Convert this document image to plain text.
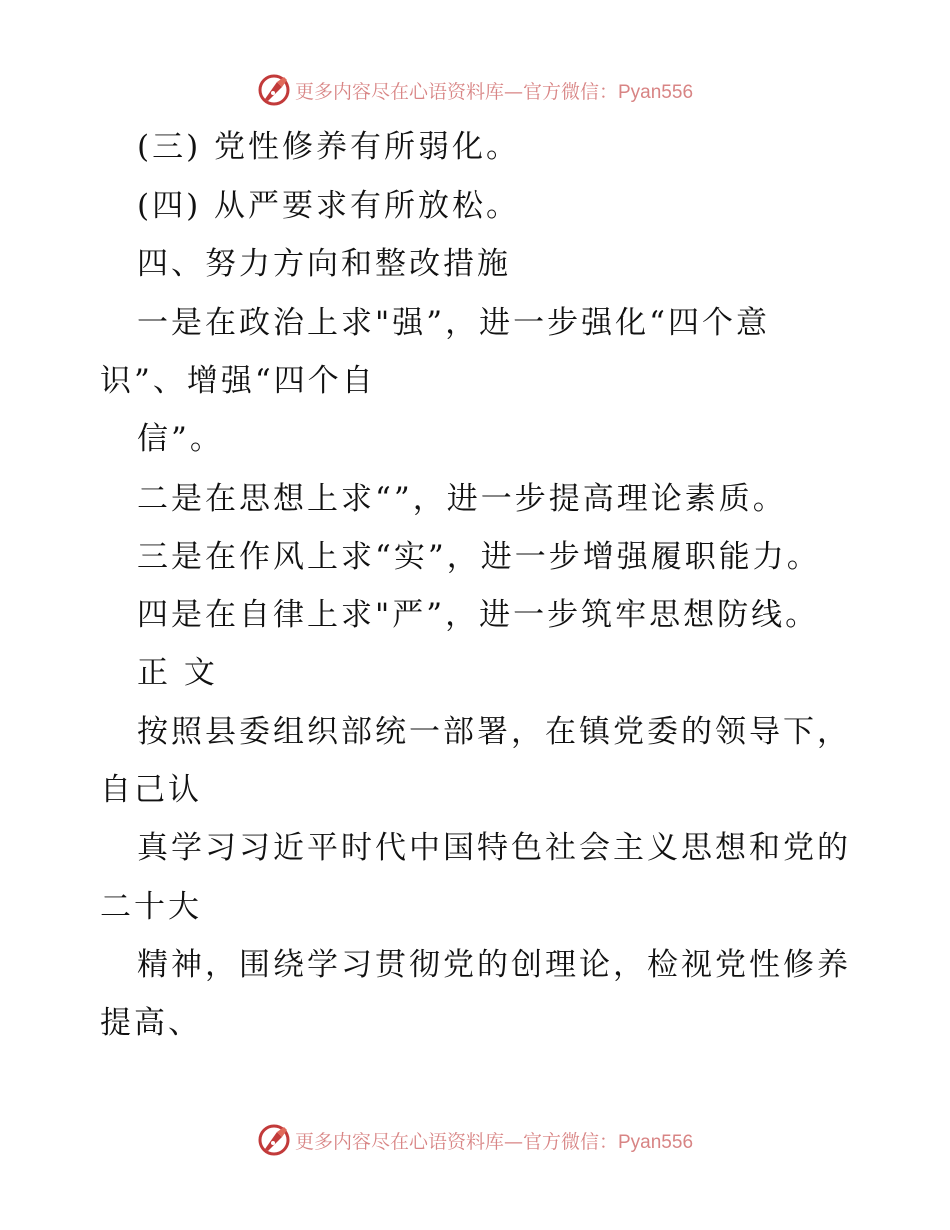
更多内容尽在心语资料库—官方微信：Pyan556
(三) 党性修养有所弱化。
(四) 从严要求有所放松。
四、努力方向和整改措施
一是在政治上求"强”，进一步强化“四个意
识”、增强“四个自
信”。
二是在思想上求“”，进一步提高理论素质。
三是在作风上求“实”，进一步增强履职能力。
四是在自律上求"严”，进一步筑牢思想防线。
正 文
按照县委组织部统一部署，在镇党委的领导下，
自己认
真学习习近平时代中国特色社会主义思想和党的
二十大
精神，围绕学习贯彻党的创理论，检视党性修养
提高、
更多内容尽在心语资料库—官方微信：Pyan556
